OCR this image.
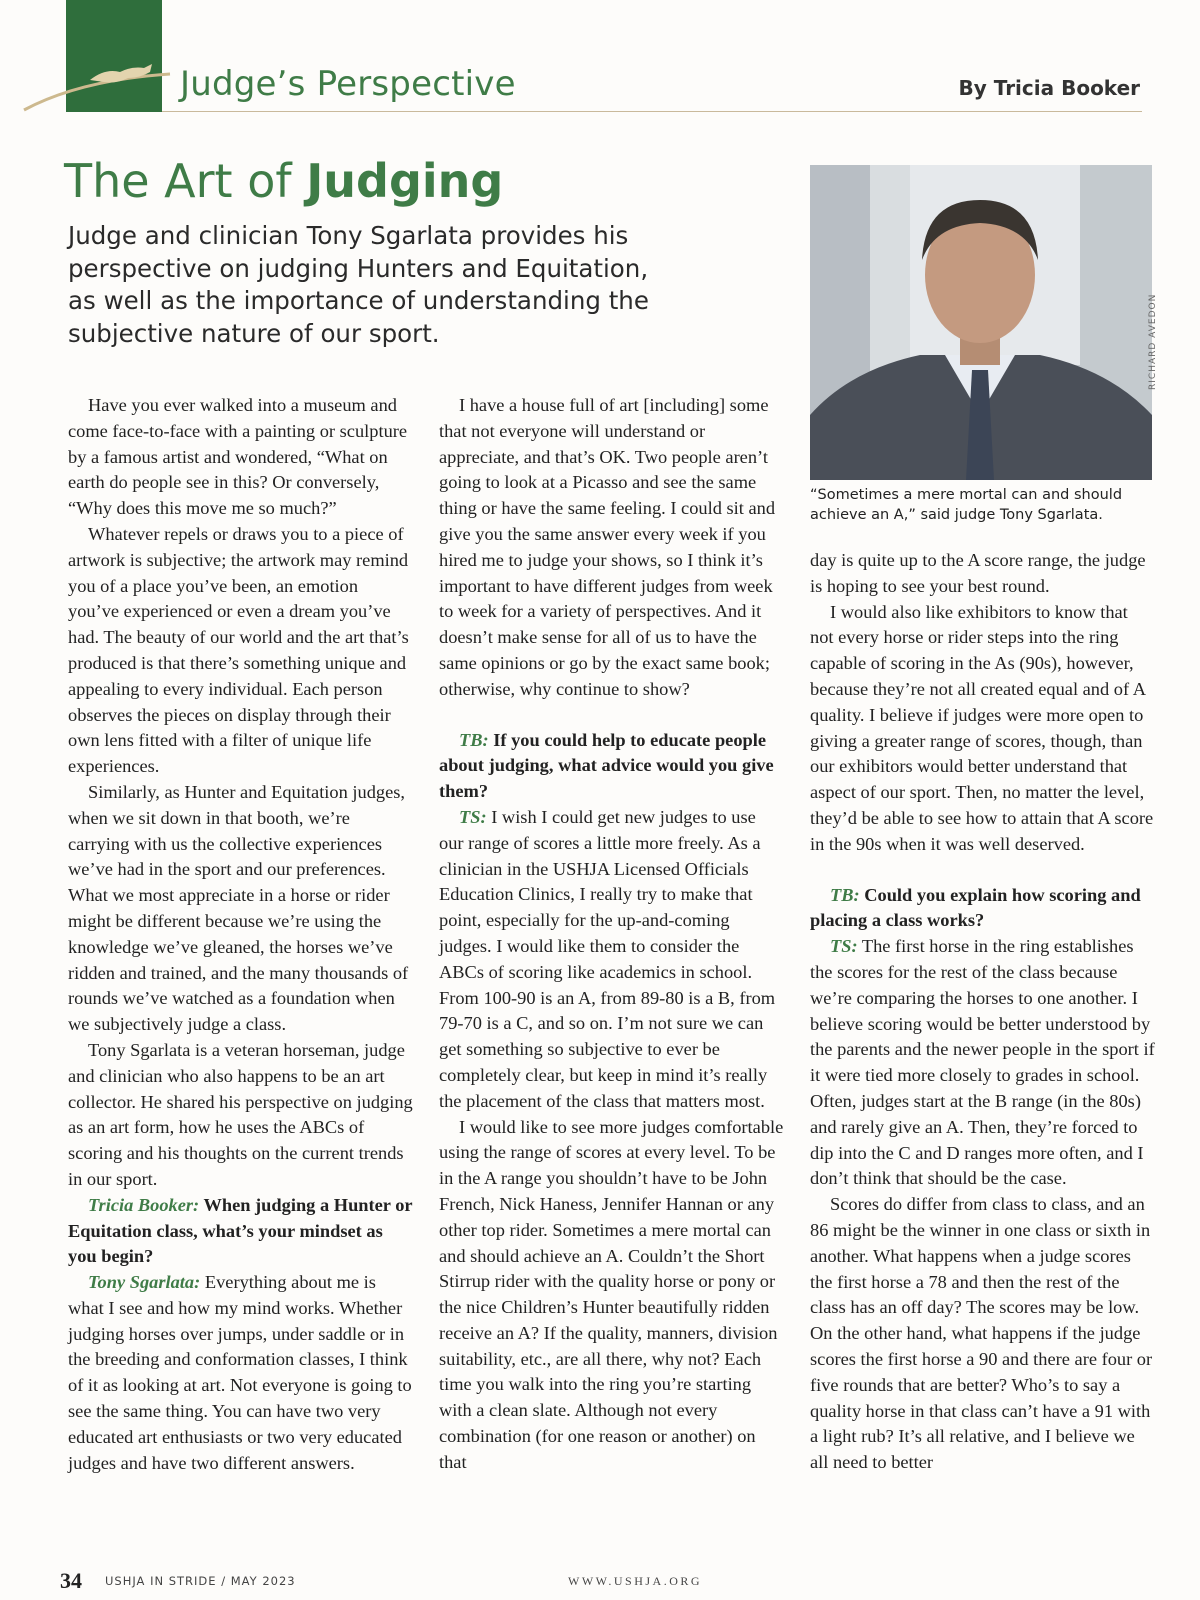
Judge’s Perspective	By Tricia Booker
The Art of Judging

Judge and clinician Tony Sgarlata provides his perspective on judging Hunters and Equitation, as well as the importance of understanding the subjective nature of our sport.	RICHARD AVEDON
“Sometimes a mere mortal can and should achieve an A,” said judge Tony Sgarlata.

Have you ever walked into a museum and come face-to-face with a painting or sculpture by a famous artist and wondered, “What on earth do people see in this? Or conversely, “Why does this move me so much?”

Whatever repels or draws you to a piece of artwork is subjective; the artwork may remind you of a place you’ve been, an emotion you’ve experienced or even a dream you’ve had. The beauty of our world and the art that’s produced is that there’s something unique and appealing to every individual. Each person observes the pieces on display through their own lens fitted with a filter of unique life experiences.

Similarly, as Hunter and Equitation judges, when we sit down in that booth, we’re carrying with us the collective experiences we’ve had in the sport and our preferences. What we most appreciate in a horse or rider might be different because we’re using the knowledge we’ve gleaned, the horses we’ve ridden and trained, and the many thousands of rounds we’ve watched as a foundation when we subjectively judge a class.

Tony Sgarlata is a veteran horseman, judge and clinician who also happens to be an art collector. He shared his perspective on judging as an art form, how he uses the ABCs of scoring and his thoughts on the current trends in our sport.

Tricia Booker: When judging a Hunter or Equitation class, what’s your mindset as you begin?

Tony Sgarlata: Everything about me is what I see and how my mind works. Whether judging horses over jumps, under saddle or in the breeding and conformation classes, I think of it as looking at art. Not everyone is going to see the same thing. You can have two very educated art enthusiasts or two very educated judges and have two different answers.

I have a house full of art [including] some that not everyone will understand or appreciate, and that’s OK. Two people aren’t going to look at a Picasso and see the same thing or have the same feeling. I could sit and give you the same answer every week if you hired me to judge your shows, so I think it’s important to have different judges from week to week for a variety of perspectives. And it doesn’t make sense for all of us to have the same opinions or go by the exact same book; otherwise, why continue to show?

TB: If you could help to educate people about judging, what advice would you give them?

TS: I wish I could get new judges to use our range of scores a little more freely. As a clinician in the USHJA Licensed Officials Education Clinics, I really try to make that point, especially for the up-and-coming judges. I would like them to consider the ABCs of scoring like academics in school. From 100-90 is an A, from 89-80 is a B, from 79-70 is a C, and so on. I’m not sure we can get something so subjective to ever be completely clear, but keep in mind it’s really the placement of the class that matters most.

I would like to see more judges comfortable using the range of scores at every level. To be in the A range you shouldn’t have to be John French, Nick Haness, Jennifer Hannan or any other top rider. Sometimes a mere mortal can and should achieve an A. Couldn’t the Short Stirrup rider with the quality horse or pony or the nice Children’s Hunter beautifully ridden receive an A? If the quality, manners, division suitability, etc., are all there, why not? Each time you walk into the ring you’re starting with a clean slate. Although not every combination (for one reason or another) on that

day is quite up to the A score range, the judge is hoping to see your best round.

I would also like exhibitors to know that not every horse or rider steps into the ring capable of scoring in the As (90s), however, because they’re not all created equal and of A quality. I believe if judges were more open to giving a greater range of scores, though, than our exhibitors would better understand that aspect of our sport. Then, no matter the level, they’d be able to see how to attain that A score in the 90s when it was well deserved.

TB: Could you explain how scoring and placing a class works?

TS: The first horse in the ring establishes the scores for the rest of the class because we’re comparing the horses to one another. I believe scoring would be better understood by the parents and the newer people in the sport if it were tied more closely to grades in school. Often, judges start at the B range (in the 80s) and rarely give an A. Then, they’re forced to dip into the C and D ranges more often, and I don’t think that should be the case.

Scores do differ from class to class, and an 86 might be the winner in one class or sixth in another. What happens when a judge scores the first horse a 78 and then the rest of the class has an off day? The scores may be low. On the other hand, what happens if the judge scores the first horse a 90 and there are four or five rounds that are better? Who’s to say a quality horse in that class can’t have a 91 with a light rub? It’s all relative, and I believe we all need to better

34 USHJA IN STRIDE / MAY 2023	WWW.USHJA.ORG
